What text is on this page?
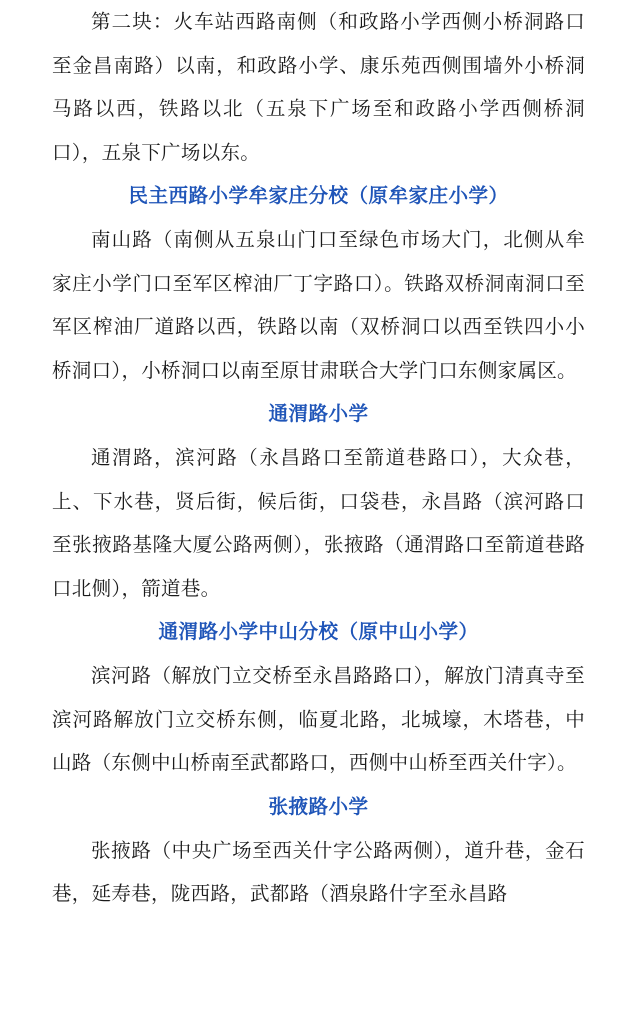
第二块：火车站西路南侧（和政路小学西侧小桥洞路口至金昌南路）以南，和政路小学、康乐苑西侧围墙外小桥洞马路以西，铁路以北（五泉下广场至和政路小学西侧桥洞口），五泉下广场以东。

民主西路小学牟家庄分校（原牟家庄小学）

南山路（南侧从五泉山门口至绿色市场大门，北侧从牟家庄小学门口至军区榨油厂丁字路口）。铁路双桥洞南洞口至军区榨油厂道路以西，铁路以南（双桥洞口以西至铁四小小桥洞口），小桥洞口以南至原甘肃联合大学门口东侧家属区。

通渭路小学

通渭路，滨河路（永昌路口至箭道巷路口），大众巷，上、下水巷，贤后街，候后街，口袋巷，永昌路（滨河路口至张掖路基隆大厦公路两侧），张掖路（通渭路口至箭道巷路口北侧），箭道巷。

通渭路小学中山分校（原中山小学）

滨河路（解放门立交桥至永昌路路口），解放门清真寺至滨河路解放门立交桥东侧，临夏北路，北城壕，木塔巷，中山路（东侧中山桥南至武都路口，西侧中山桥至西关什字）。

张掖路小学

张掖路（中央广场至西关什字公路两侧），道升巷，金石巷，延寿巷，陇西路，武都路（酒泉路什字至永昌路
